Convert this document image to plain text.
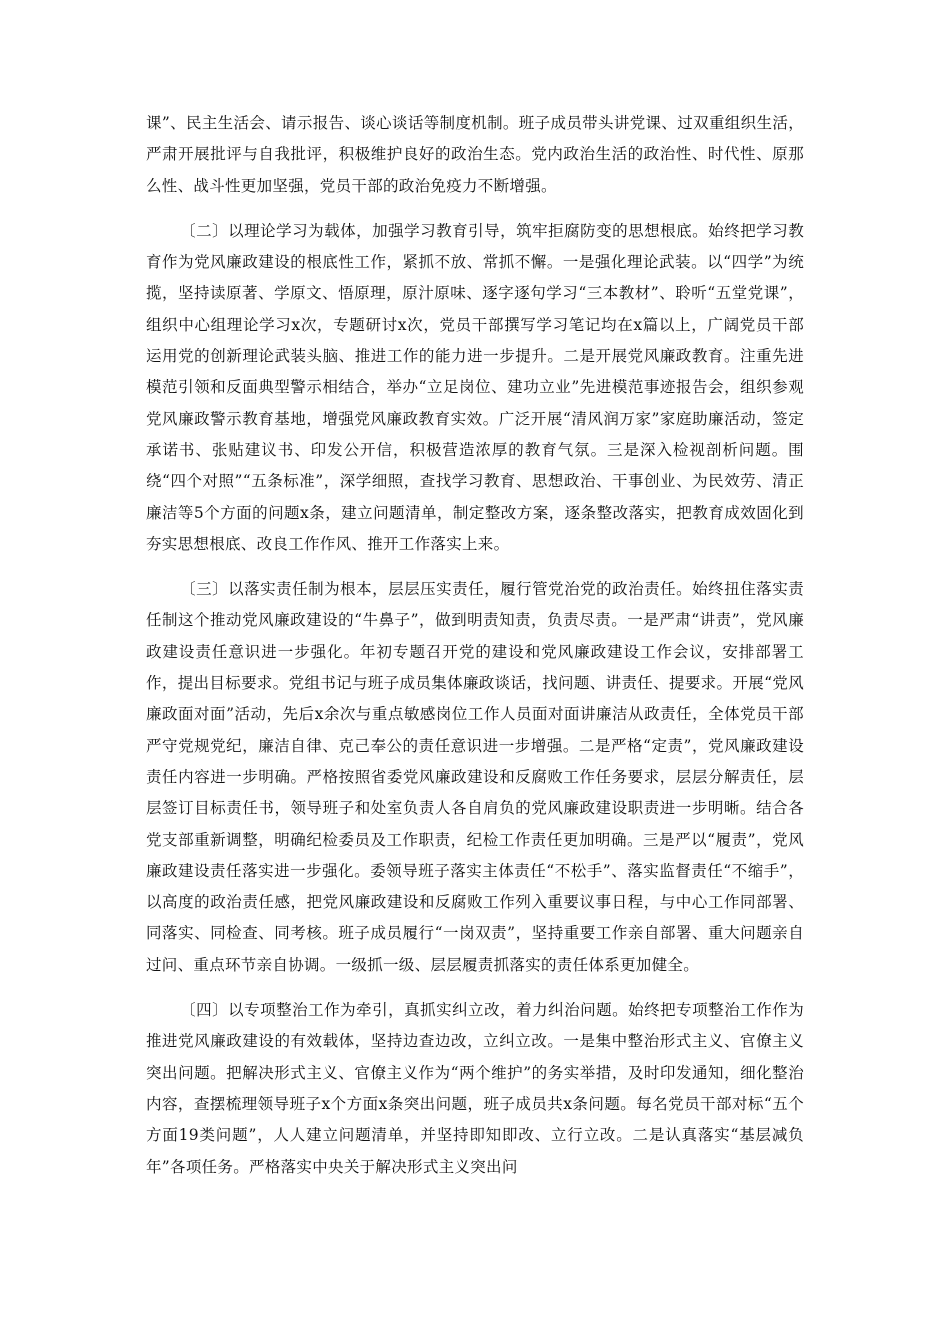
课”、民主生活会、请示报告、谈心谈话等制度机制。班子成员带头讲党课、过双重组织生活，严肃开展批评与自我批评，积极维护良好的政治生态。党内政治生活的政治性、时代性、原那么性、战斗性更加坚强，党员干部的政治免疫力不断增强。

〔二〕以理论学习为载体，加强学习教育引导，筑牢拒腐防变的思想根底。始终把学习教育作为党风廉政建设的根底性工作，紧抓不放、常抓不懈。一是强化理论武装。以“四学”为统揽，坚持读原著、学原文、悟原理，原汁原味、逐字逐句学习“三本教材”、聆听“五堂党课”，组织中心组理论学习x次，专题研讨x次，党员干部撰写学习笔记均在x篇以上，广阔党员干部运用党的创新理论武装头脑、推进工作的能力进一步提升。二是开展党风廉政教育。注重先进模范引领和反面典型警示相结合，举办“立足岗位、建功立业”先进模范事迹报告会，组织参观党风廉政警示教育基地，增强党风廉政教育实效。广泛开展“清风润万家”家庭助廉活动，签定承诺书、张贴建议书、印发公开信，积极营造浓厚的教育气氛。三是深入检视剖析问题。围绕“四个对照”“五条标准”，深学细照，查找学习教育、思想政治、干事创业、为民效劳、清正廉洁等5个方面的问题x条，建立问题清单，制定整改方案，逐条整改落实，把教育成效固化到夯实思想根底、改良工作作风、推开工作落实上来。

〔三〕以落实责任制为根本，层层压实责任，履行管党治党的政治责任。始终扭住落实责任制这个推动党风廉政建设的“牛鼻子”，做到明责知责，负责尽责。一是严肃“讲责”，党风廉政建设责任意识进一步强化。年初专题召开党的建设和党风廉政建设工作会议，安排部署工作，提出目标要求。党组书记与班子成员集体廉政谈话，找问题、讲责任、提要求。开展“党风廉政面对面”活动，先后x余次与重点敏感岗位工作人员面对面讲廉洁从政责任，全体党员干部严守党规党纪，廉洁自律、克己奉公的责任意识进一步增强。二是严格“定责”，党风廉政建设责任内容进一步明确。严格按照省委党风廉政建设和反腐败工作任务要求，层层分解责任，层层签订目标责任书，领导班子和处室负责人各自肩负的党风廉政建设职责进一步明晰。结合各党支部重新调整，明确纪检委员及工作职责，纪检工作责任更加明确。三是严以“履责”，党风廉政建设责任落实进一步强化。委领导班子落实主体责任“不松手”、落实监督责任“不缩手”，以高度的政治责任感，把党风廉政建设和反腐败工作列入重要议事日程，与中心工作同部署、同落实、同检查、同考核。班子成员履行“一岗双责”，坚持重要工作亲自部署、重大问题亲自过问、重点环节亲自协调。一级抓一级、层层履责抓落实的责任体系更加健全。

〔四〕以专项整治工作为牵引，真抓实纠立改，着力纠治问题。始终把专项整治工作作为推进党风廉政建设的有效载体，坚持边查边改，立纠立改。一是集中整治形式主义、官僚主义突出问题。把解决形式主义、官僚主义作为“两个维护”的务实举措，及时印发通知，细化整治内容，查摆梳理领导班子x个方面x条突出问题，班子成员共x条问题。每名党员干部对标“五个方面19类问题”，人人建立问题清单，并坚持即知即改、立行立改。二是认真落实“基层减负年”各项任务。严格落实中央关于解决形式主义突出问
